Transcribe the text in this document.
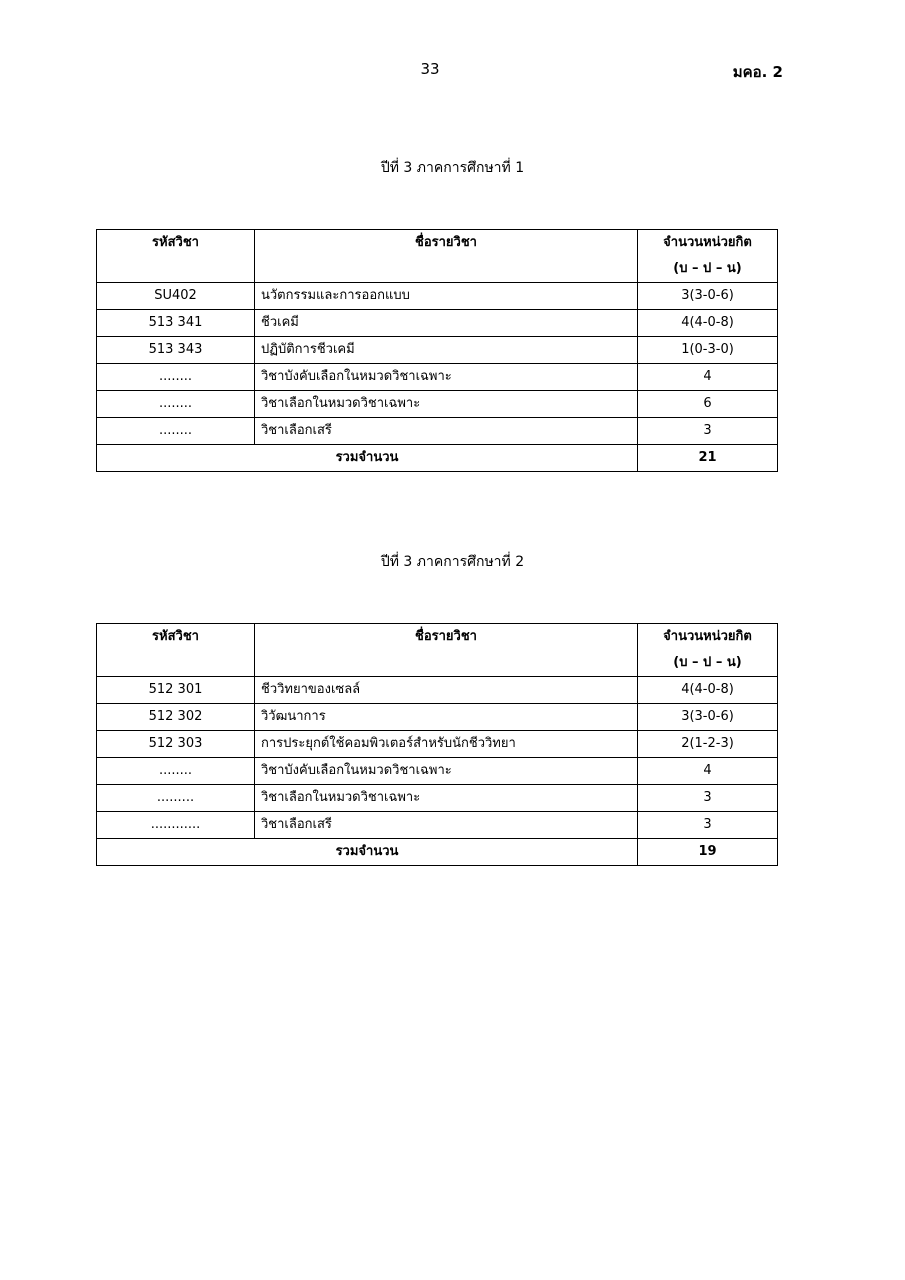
33	มคอ. 2
ปีที่ 3 ภาคการศึกษาที่ 1
รหัสวิชา	ชื่อรายวิชา	จำนวนหน่วยกิต
(บ – ป – น)

SU402	นวัตกรรมและการออกแบบ	3(3-0-6)
513 341	ชีวเคมี	4(4-0-8)
513 343	ปฏิบัติการชีวเคมี	1(0-3-0)
........	วิชาบังคับเลือกในหมวดวิชาเฉพาะ	4
........	วิชาเลือกในหมวดวิชาเฉพาะ	6
........	วิชาเลือกเสรี	3
รวมจำนวน		21
ปีที่ 3 ภาคการศึกษาที่ 2
รหัสวิชา	ชื่อรายวิชา	จำนวนหน่วยกิต
(บ – ป – น)

512 301	ชีววิทยาของเซลล์	4(4-0-8)
512 302	วิวัฒนาการ	3(3-0-6)
512 303	การประยุกต์ใช้คอมพิวเตอร์สำหรับนักชีววิทยา	2(1-2-3)
........	วิชาบังคับเลือกในหมวดวิชาเฉพาะ	4
.........	วิชาเลือกในหมวดวิชาเฉพาะ	3
............	วิชาเลือกเสรี	3
รวมจำนวน		19
